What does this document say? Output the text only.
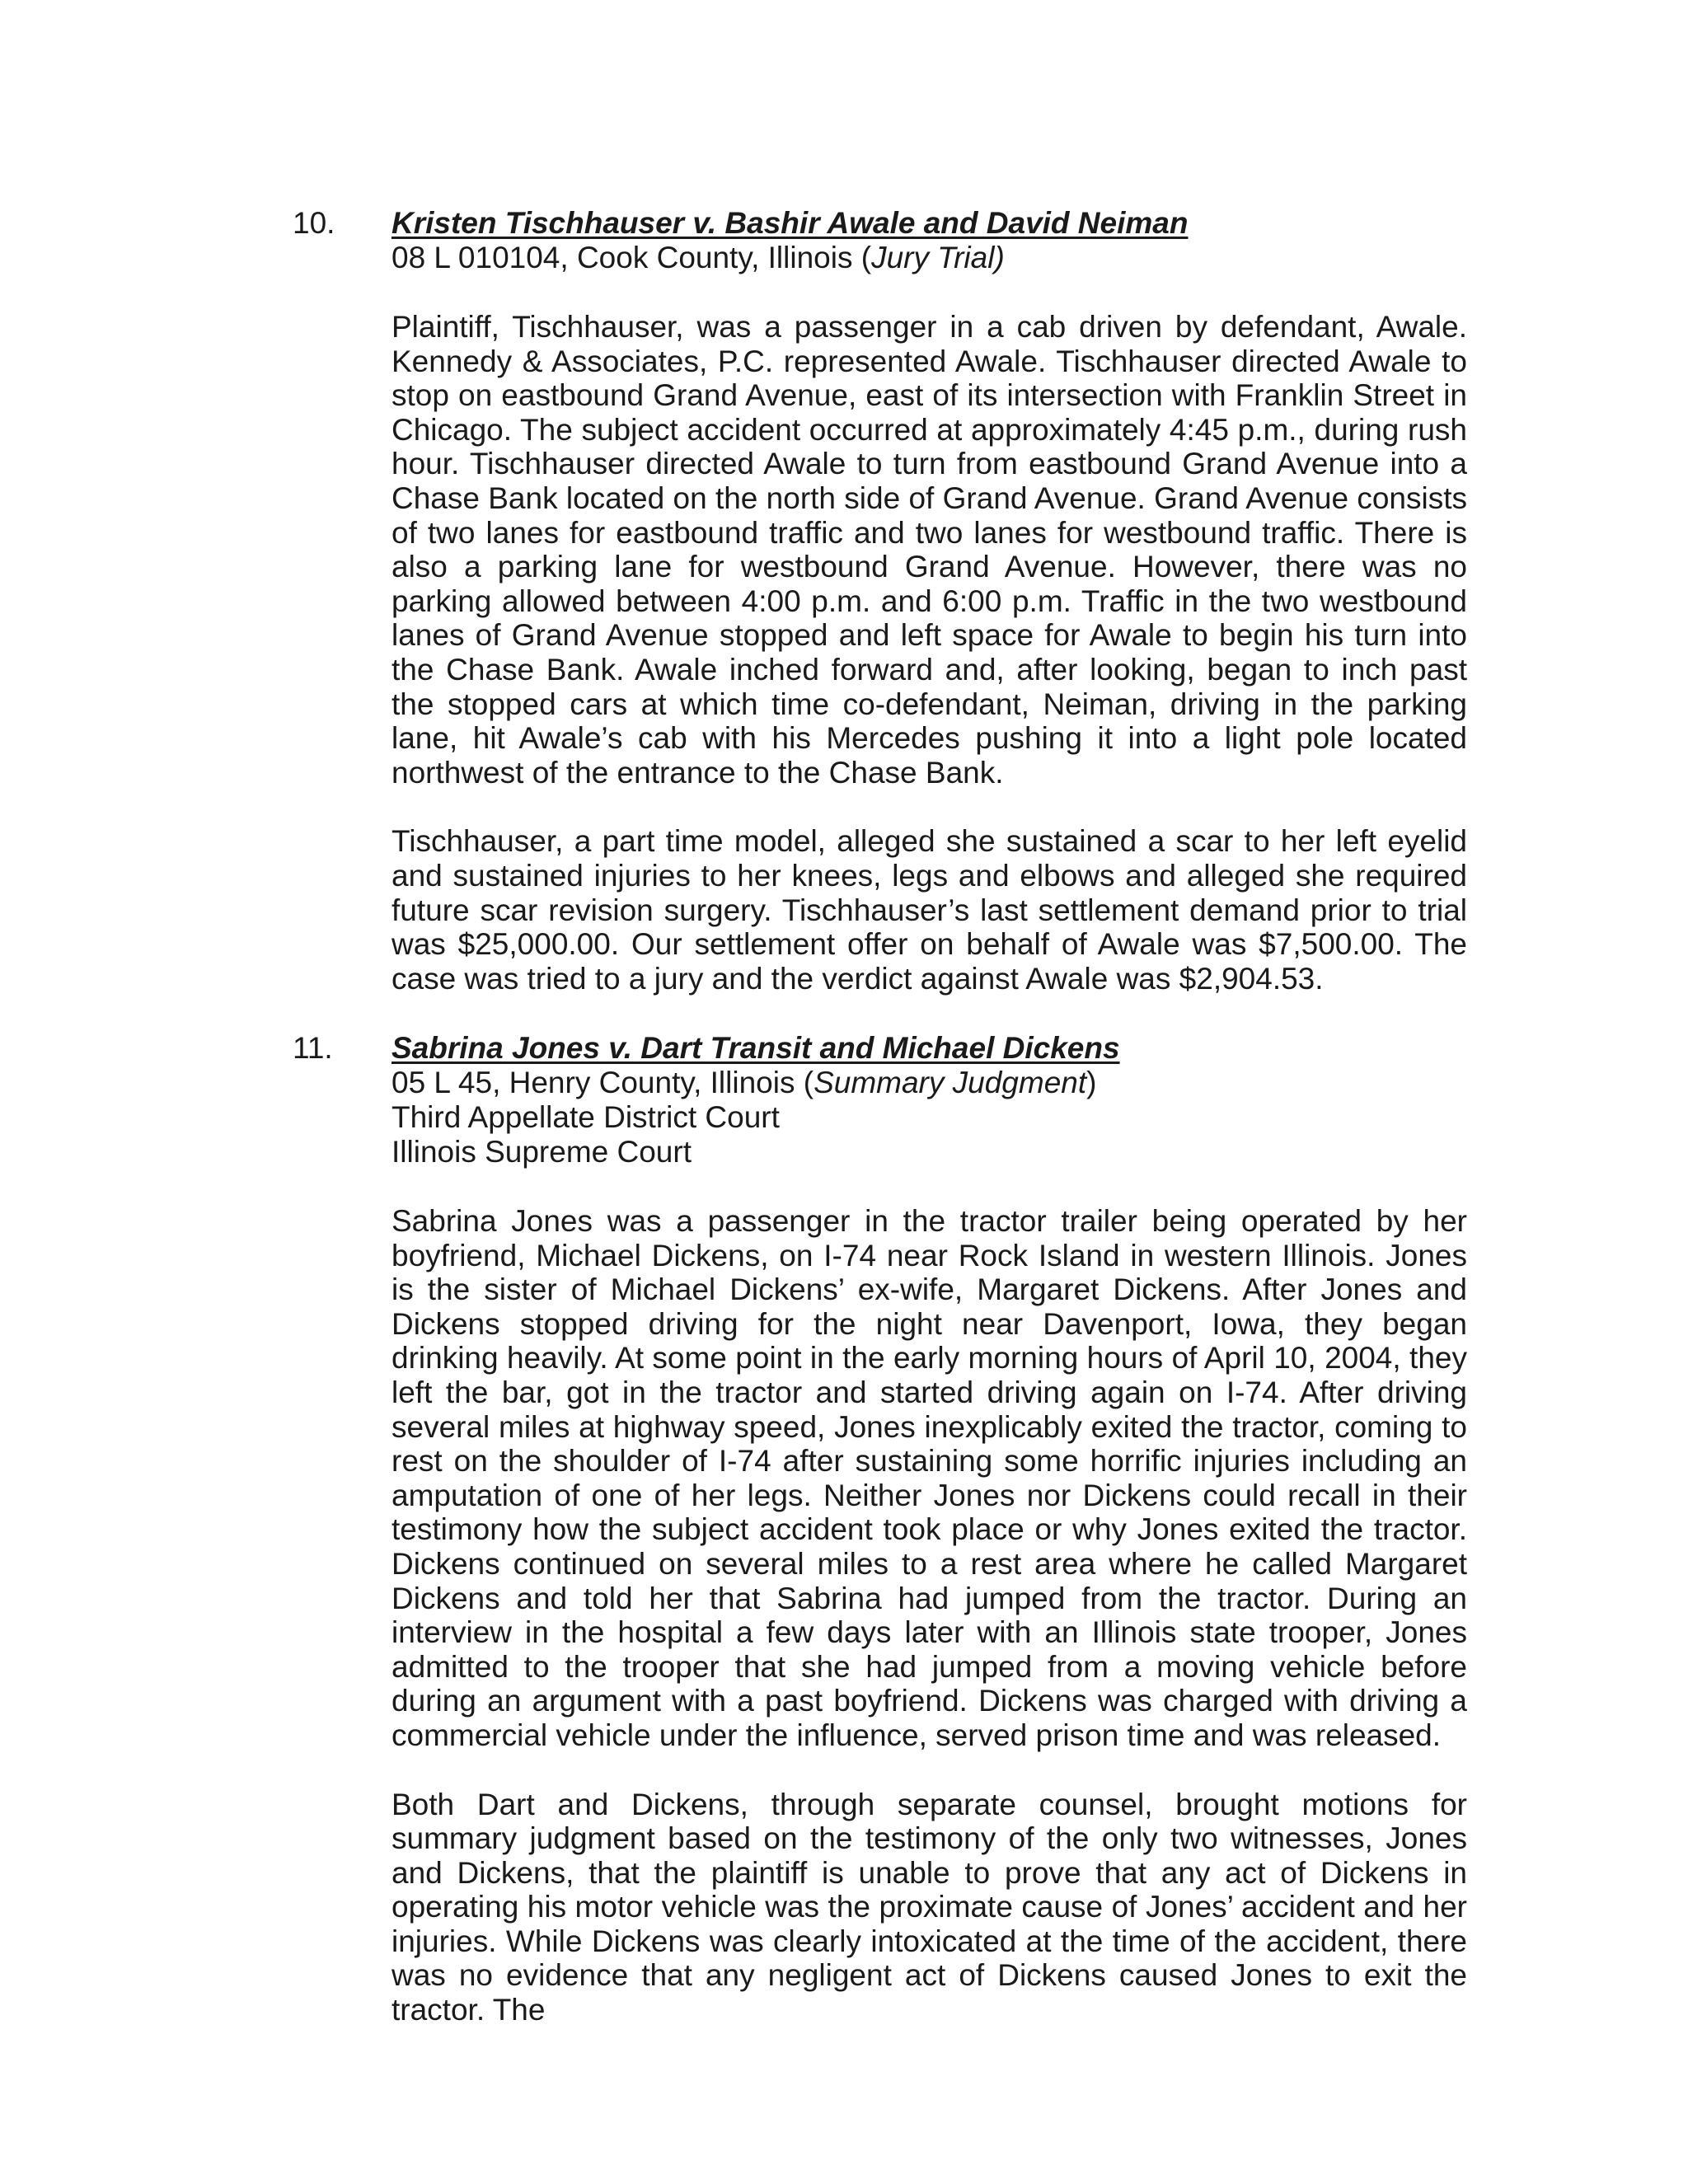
10. Kristen Tischhauser v. Bashir Awale and David Neiman
08 L 010104, Cook County, Illinois (Jury Trial)

Plaintiff, Tischhauser, was a passenger in a cab driven by defendant, Awale. Kennedy & Associates, P.C. represented Awale. Tischhauser directed Awale to stop on eastbound Grand Avenue, east of its intersection with Franklin Street in Chicago. The subject accident occurred at approximately 4:45 p.m., during rush hour. Tischhauser directed Awale to turn from eastbound Grand Avenue into a Chase Bank located on the north side of Grand Avenue. Grand Avenue consists of two lanes for eastbound traffic and two lanes for westbound traffic. There is also a parking lane for westbound Grand Avenue. However, there was no parking allowed between 4:00 p.m. and 6:00 p.m. Traffic in the two westbound lanes of Grand Avenue stopped and left space for Awale to begin his turn into the Chase Bank. Awale inched forward and, after looking, began to inch past the stopped cars at which time co-defendant, Neiman, driving in the parking lane, hit Awale’s cab with his Mercedes pushing it into a light pole located northwest of the entrance to the Chase Bank.

Tischhauser, a part time model, alleged she sustained a scar to her left eyelid and sustained injuries to her knees, legs and elbows and alleged she required future scar revision surgery. Tischhauser’s last settlement demand prior to trial was $25,000.00. Our settlement offer on behalf of Awale was $7,500.00. The case was tried to a jury and the verdict against Awale was $2,904.53.

11. Sabrina Jones v. Dart Transit and Michael Dickens
05 L 45, Henry County, Illinois (Summary Judgment)
Third Appellate District Court
Illinois Supreme Court

Sabrina Jones was a passenger in the tractor trailer being operated by her boyfriend, Michael Dickens, on I-74 near Rock Island in western Illinois. Jones is the sister of Michael Dickens’ ex-wife, Margaret Dickens. After Jones and Dickens stopped driving for the night near Davenport, Iowa, they began drinking heavily. At some point in the early morning hours of April 10, 2004, they left the bar, got in the tractor and started driving again on I-74. After driving several miles at highway speed, Jones inexplicably exited the tractor, coming to rest on the shoulder of I-74 after sustaining some horrific injuries including an amputation of one of her legs. Neither Jones nor Dickens could recall in their testimony how the subject accident took place or why Jones exited the tractor. Dickens continued on several miles to a rest area where he called Margaret Dickens and told her that Sabrina had jumped from the tractor. During an interview in the hospital a few days later with an Illinois state trooper, Jones admitted to the trooper that she had jumped from a moving vehicle before during an argument with a past boyfriend. Dickens was charged with driving a commercial vehicle under the influence, served prison time and was released.

Both Dart and Dickens, through separate counsel, brought motions for summary judgment based on the testimony of the only two witnesses, Jones and Dickens, that the plaintiff is unable to prove that any act of Dickens in operating his motor vehicle was the proximate cause of Jones’ accident and her injuries. While Dickens was clearly intoxicated at the time of the accident, there was no evidence that any negligent act of Dickens caused Jones to exit the tractor. The
